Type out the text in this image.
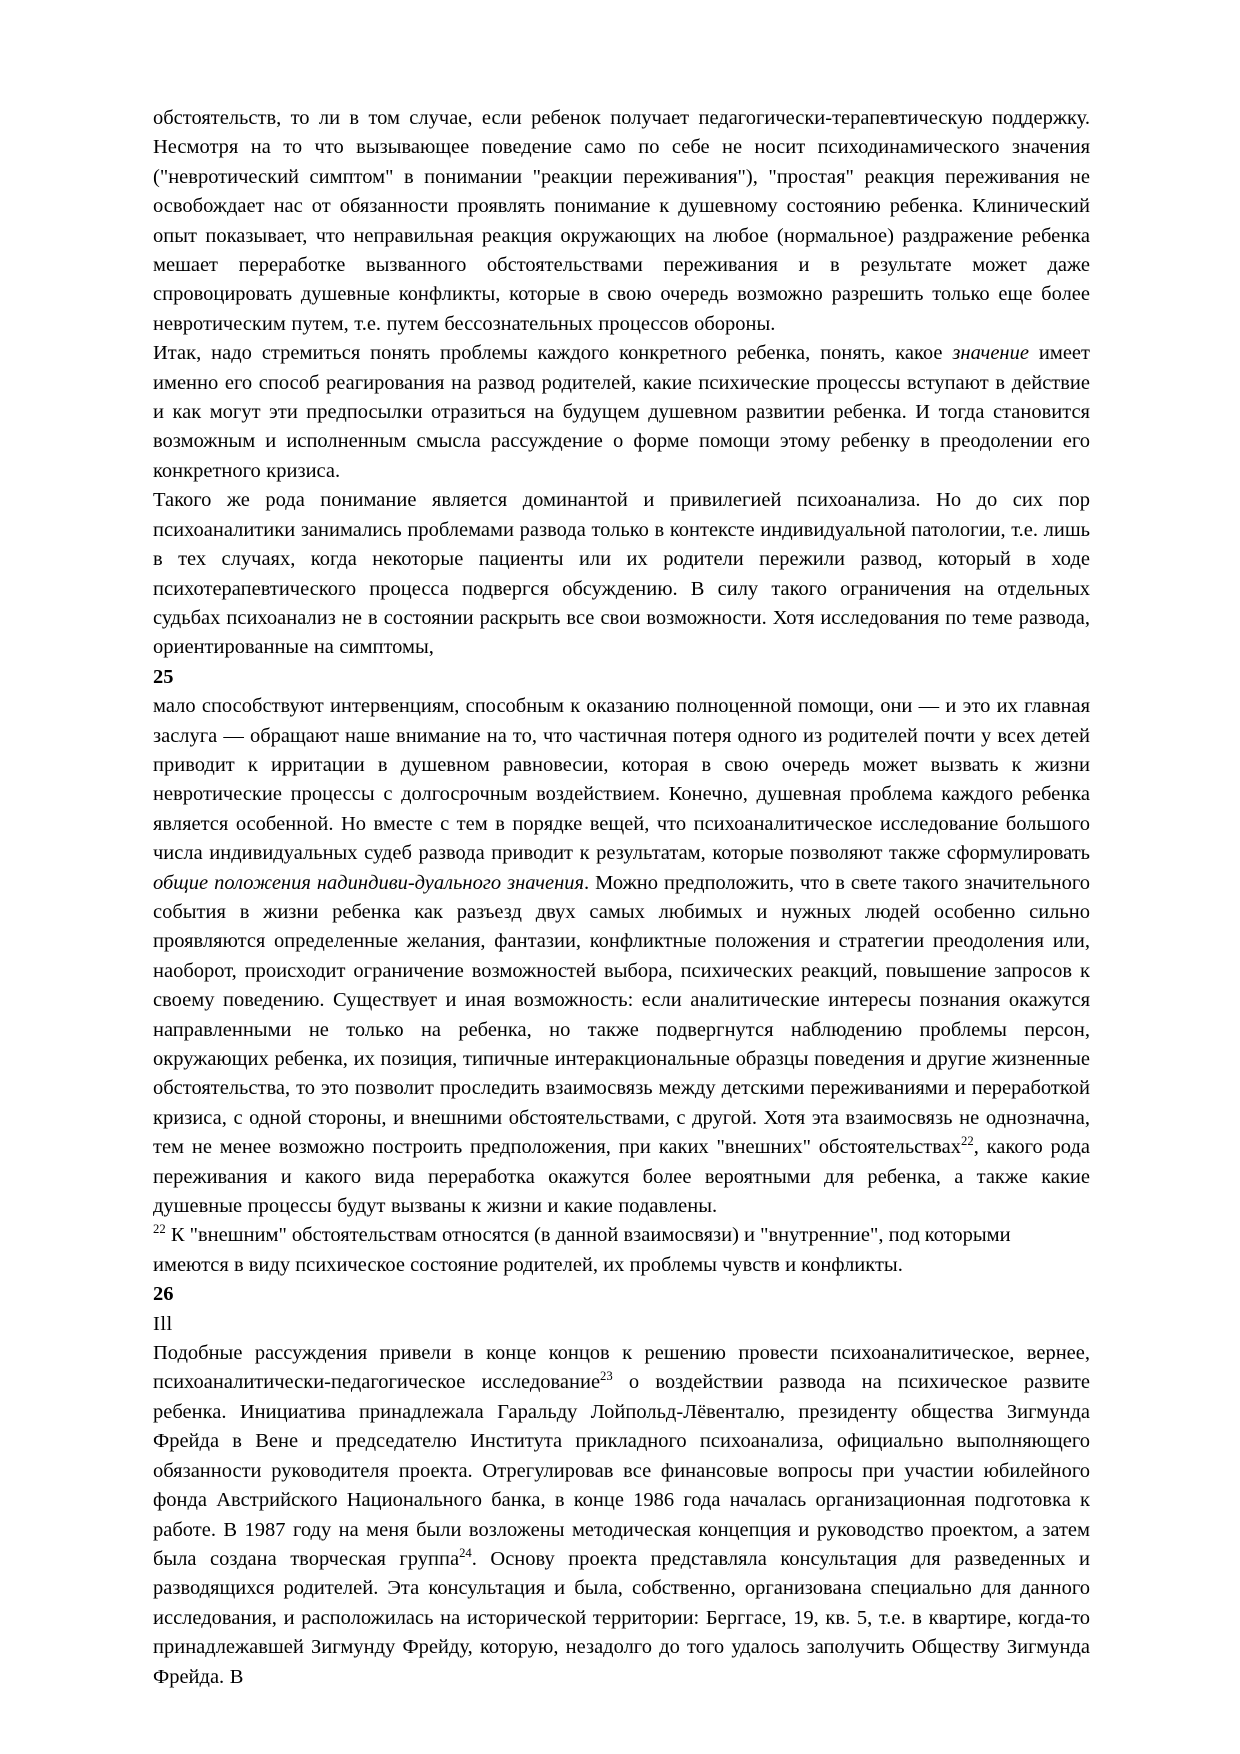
обстоятельств, то ли в том случае, если ребенок получает педагогически-терапевтическую поддержку. Несмотря на то что вызывающее поведение само по себе не носит психодинамического значения ("невротический симптом" в понимании "реакции переживания"), "простая" реакция переживания не освобождает нас от обязанности проявлять понимание к душевному состоянию ребенка. Клинический опыт показывает, что неправильная реакция окружающих на любое (нормальное) раздражение ребенка мешает переработке вызванного обстоятельствами переживания и в результате может даже спровоцировать душевные конфликты, которые в свою очередь возможно разрешить только еще более невротическим путем, т.е. путем бессознательных процессов обороны.

Итак, надо стремиться понять проблемы каждого конкретного ребенка, понять, какое значение имеет именно его способ реагирования на развод родителей, какие психические процессы вступают в действие и как могут эти предпосылки отразиться на будущем душевном развитии ребенка. И тогда становится возможным и исполненным смысла рассуждение о форме помощи этому ребенку в преодолении его конкретного кризиса.

Такого же рода понимание является доминантой и привилегией психоанализа. Но до сих пор психоаналитики занимались проблемами развода только в контексте индивидуальной патологии, т.е. лишь в тех случаях, когда некоторые пациенты или их родители пережили развод, который в ходе психотерапевтического процесса подвергся обсуждению. В силу такого ограничения на отдельных судьбах психоанализ не в состоянии раскрыть все свои возможности. Хотя исследования по теме развода, ориентированные на симптомы,

25

мало способствуют интервенциям, способным к оказанию полноценной помощи, они — и это их главная заслуга — обращают наше внимание на то, что частичная потеря одного из родителей почти у всех детей приводит к ирритации в душевном равновесии, которая в свою очередь может вызвать к жизни невротические процессы с долгосрочным воздействием. Конечно, душевная проблема каждого ребенка является особенной. Но вместе с тем в порядке вещей, что психоаналитическое исследование большого числа индивидуальных судеб развода приводит к результатам, которые позволяют также сформулировать общие положения надиндиви-дуального значения. Можно предположить, что в свете такого значительного события в жизни ребенка как разъезд двух самых любимых и нужных людей особенно сильно проявляются определенные желания, фантазии, конфликтные положения и стратегии преодоления или, наоборот, происходит ограничение возможностей выбора, психических реакций, повышение запросов к своему поведению. Существует и иная возможность: если аналитические интересы познания окажутся направленными не только на ребенка, но также подвергнутся наблюдению проблемы персон, окружающих ребенка, их позиция, типичные интеракциональные образцы поведения и другие жизненные обстоятельства, то это позволит проследить взаимосвязь между детскими переживаниями и переработкой кризиса, с одной стороны, и внешними обстоятельствами, с другой. Хотя эта взаимосвязь не однозначна, тем не менее возможно построить предположения, при каких "внешних" обстоятельствах$^{22}$, какого рода переживания и какого вида переработка окажутся более вероятными для ребенка, а также какие душевные процессы будут вызваны к жизни и какие подавлены.

$^{22}$ К "внешним" обстоятельствам относятся (в данной взаимосвязи) и "внутренние", под которыми имеются в виду психическое состояние родителей, их проблемы чувств и конфликты.

26

Ill

Подобные рассуждения привели в конце концов к решению провести психоаналитическое, вернее, психоаналитически-педагогическое исследование$^{23}$ о воздействии развода на психическое развите ребенка. Инициатива принадлежала Гаральду Лойпольд-Лёвенталю, президенту общества Зигмунда Фрейда в Вене и председателю Института прикладного психоанализа, официально выполняющего обязанности руководителя проекта. Отрегулировав все финансовые вопросы при участии юбилейного фонда Австрийского Национального банка, в конце 1986 года началась организационная подготовка к работе. В 1987 году на меня были возложены методическая концепция и руководство проектом, а затем была создана творческая группа$^{24}$. Основу проекта представляла консультация для разведенных и разводящихся родителей. Эта консультация и была, собственно, организована специально для данного исследования, и расположилась на исторической территории: Берггасе, 19, кв. 5, т.е. в квартире, когда-то принадлежавшей Зигмунду Фрейду, которую, незадолго до того удалось заполучить Обществу Зигмунда Фрейда. В
